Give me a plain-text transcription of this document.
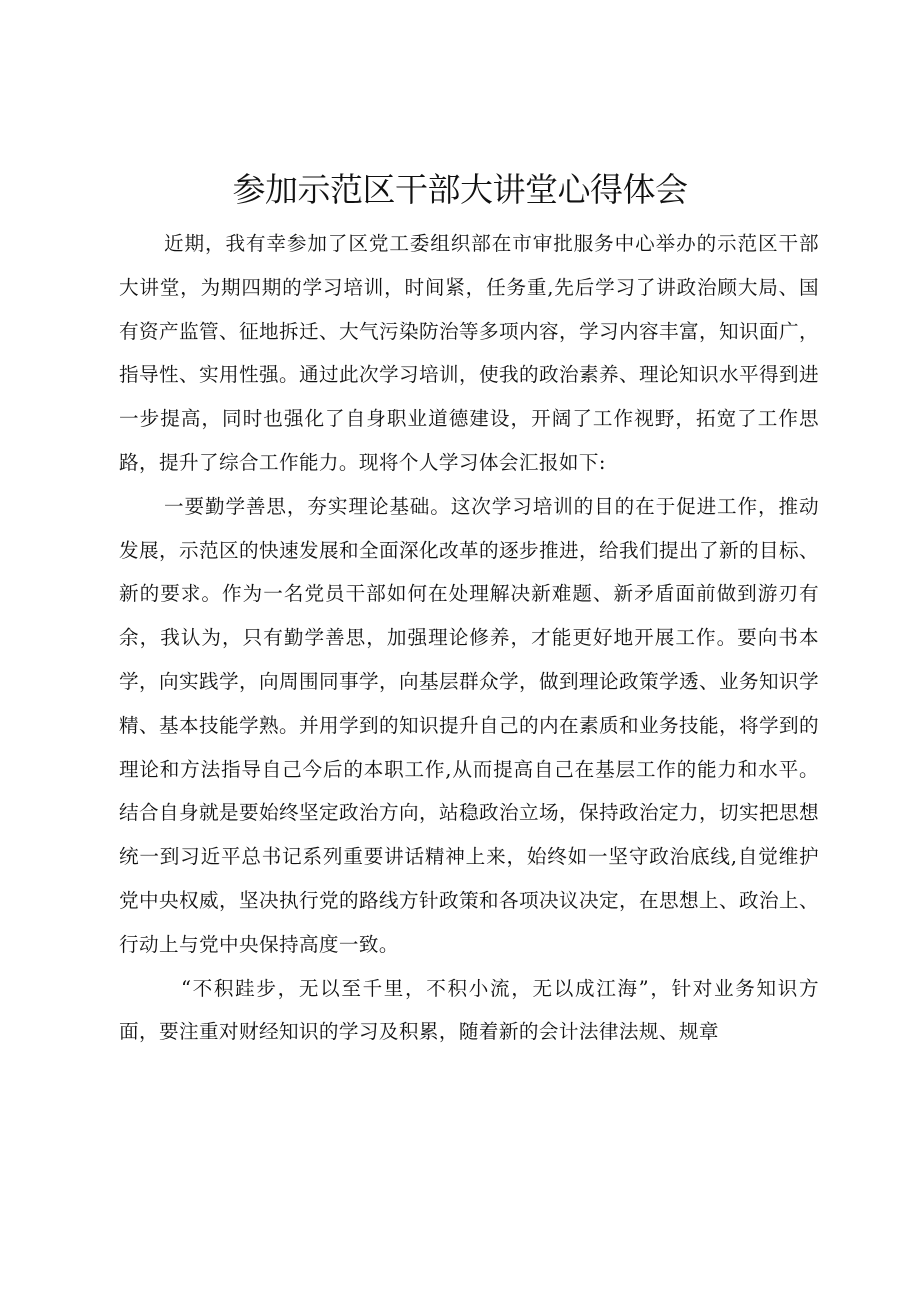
参加示范区干部大讲堂心得体会

近期，我有幸参加了区党工委组织部在市审批服务中心举办的示范区干部大讲堂，为期四期的学习培训，时间紧，任务重,先后学习了讲政治顾大局、国有资产监管、征地拆迁、大气污染防治等多项内容，学习内容丰富，知识面广，指导性、实用性强。通过此次学习培训，使我的政治素养、理论知识水平得到进一步提高，同时也强化了自身职业道德建设，开阔了工作视野，拓宽了工作思路，提升了综合工作能力。现将个人学习体会汇报如下:

一要勤学善思，夯实理论基础。这次学习培训的目的在于促进工作，推动发展，示范区的快速发展和全面深化改革的逐步推进，给我们提出了新的目标、新的要求。作为一名党员干部如何在处理解决新难题、新矛盾面前做到游刃有余，我认为，只有勤学善思，加强理论修养，才能更好地开展工作。要向书本学，向实践学，向周围同事学，向基层群众学，做到理论政策学透、业务知识学精、基本技能学熟。并用学到的知识提升自己的内在素质和业务技能，将学到的理论和方法指导自己今后的本职工作,从而提高自己在基层工作的能力和水平。结合自身就是要始终坚定政治方向，站稳政治立场，保持政治定力，切实把思想统一到习近平总书记系列重要讲话精神上来，始终如一坚守政治底线,自觉维护党中央权威，坚决执行党的路线方针政策和各项决议决定，在思想上、政治上、行动上与党中央保持高度一致。

“不积跬步，无以至千里，不积小流，无以成江海”，针对业务知识方面，要注重对财经知识的学习及积累，随着新的会计法律法规、规章
